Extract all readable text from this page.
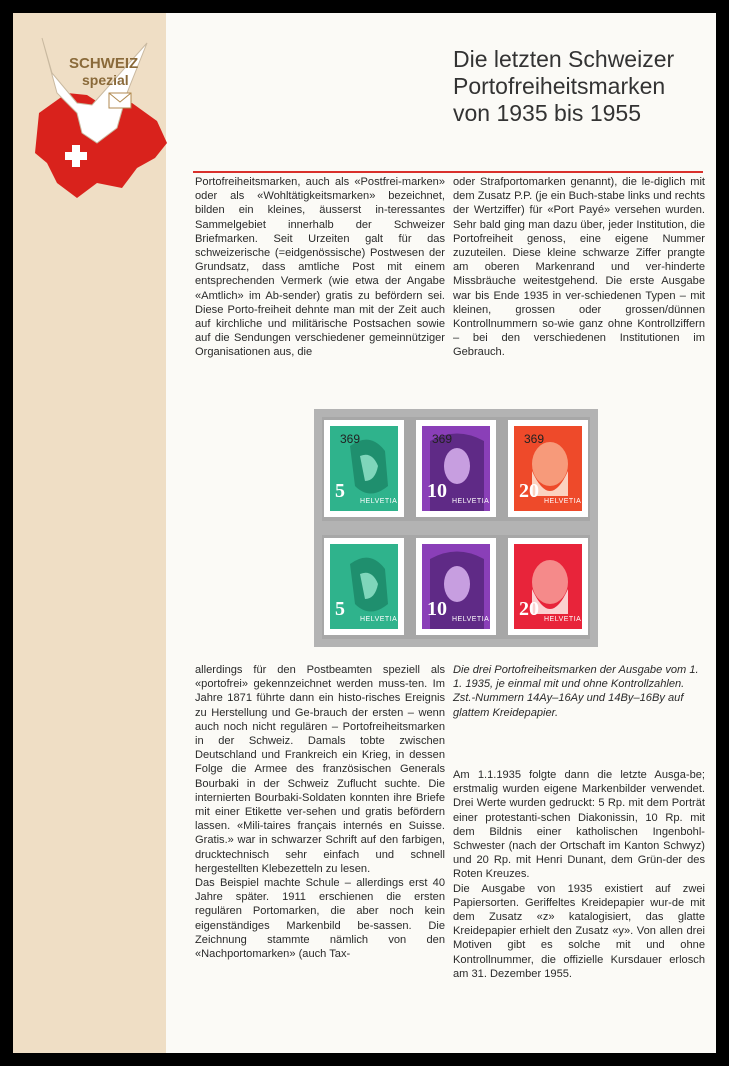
SCHWEIZ
spezial
Die letzten Schweizer
Portofreiheitsmarken
von 1935 bis 1955

Portofreiheitsmarken, auch als «Postfrei-marken» oder als «Wohltätigkeitsmarken» bezeichnet, bilden ein kleines, äusserst in-teressantes Sammelgebiet innerhalb der Schweizer Briefmarken. Seit Urzeiten galt für das schweizerische (=eidgenössische) Postwesen der Grundsatz, dass amtliche Post mit einem entsprechenden Vermerk (wie etwa der Angabe «Amtlich» im Ab-sender) gratis zu befördern sei. Diese Porto-freiheit dehnte man mit der Zeit auch auf kirchliche und militärische Postsachen sowie auf die Sendungen verschiedener gemeinnütziger Organisationen aus, die

oder Strafportomarken genannt), die le-diglich mit dem Zusatz P.P. (je ein Buch-stabe links und rechts der Wertziffer) für «Port Payé» versehen wurden. Sehr bald ging man dazu über, jeder Institution, die Portofreiheit genoss, eine eigene Nummer zuzuteilen. Diese kleine schwarze Ziffer prangte am oberen Markenrand und ver-hinderte Missbräuche weitestgehend. Die erste Ausgabe war bis Ende 1935 in ver-schiedenen Typen – mit kleinen, grossen oder grossen/dünnen Kontrollnummern so-wie ganz ohne Kontrollziffern – bei den verschiedenen Institutionen im Gebrauch.

369
5 HELVETIA
369
10 HELVETIA
369
20 HELVETIA
5 HELVETIA 10 HELVETIA 20 HELVETIA

allerdings für den Postbeamten speziell als «portofrei» gekennzeichnet werden muss-ten. Im Jahre 1871 führte dann ein histo-risches Ereignis zu Herstellung und Ge-brauch der ersten – wenn auch noch nicht regulären – Portofreiheitsmarken in der Schweiz. Damals tobte zwischen Deutschland und Frankreich ein Krieg, in dessen Folge die Armee des französischen Generals Bourbaki in der Schweiz Zuflucht suchte. Die internierten Bourbaki-Soldaten konnten ihre Briefe mit einer Etikette ver-sehen und gratis befördern lassen. «Mili-taires français internés en Suisse. Gratis.» war in schwarzer Schrift auf den farbigen, drucktechnisch sehr einfach und schnell hergestellten Klebezetteln zu lesen.

Das Beispiel machte Schule – allerdings erst 40 Jahre später. 1911 erschienen die ersten regulären Portomarken, die aber noch kein eigenständiges Markenbild be-sassen. Die Zeichnung stammte nämlich von den «Nachportomarken» (auch Tax-

Die drei Portofreiheitsmarken der Ausgabe vom 1. 1. 1935, je einmal mit und ohne Kontrollzahlen. Zst.-Nummern 14Ay–16Ay und 14By–16By auf glattem Kreidepapier.

Am 1.1.1935 folgte dann die letzte Ausga-be; erstmalig wurden eigene Markenbilder verwendet. Drei Werte wurden gedruckt: 5 Rp. mit dem Porträt einer protestanti-schen Diakonissin, 10 Rp. mit dem Bildnis einer katholischen Ingenbohl-Schwester (nach der Ortschaft im Kanton Schwyz) und 20 Rp. mit Henri Dunant, dem Grün-der des Roten Kreuzes.

Die Ausgabe von 1935 existiert auf zwei Papiersorten. Geriffeltes Kreidepapier wur-de mit dem Zusatz «z» katalogisiert, das glatte Kreidepapier erhielt den Zusatz «y». Von allen drei Motiven gibt es solche mit und ohne Kontrollnummer, die offizielle Kursdauer erlosch am 31. Dezember 1955.
